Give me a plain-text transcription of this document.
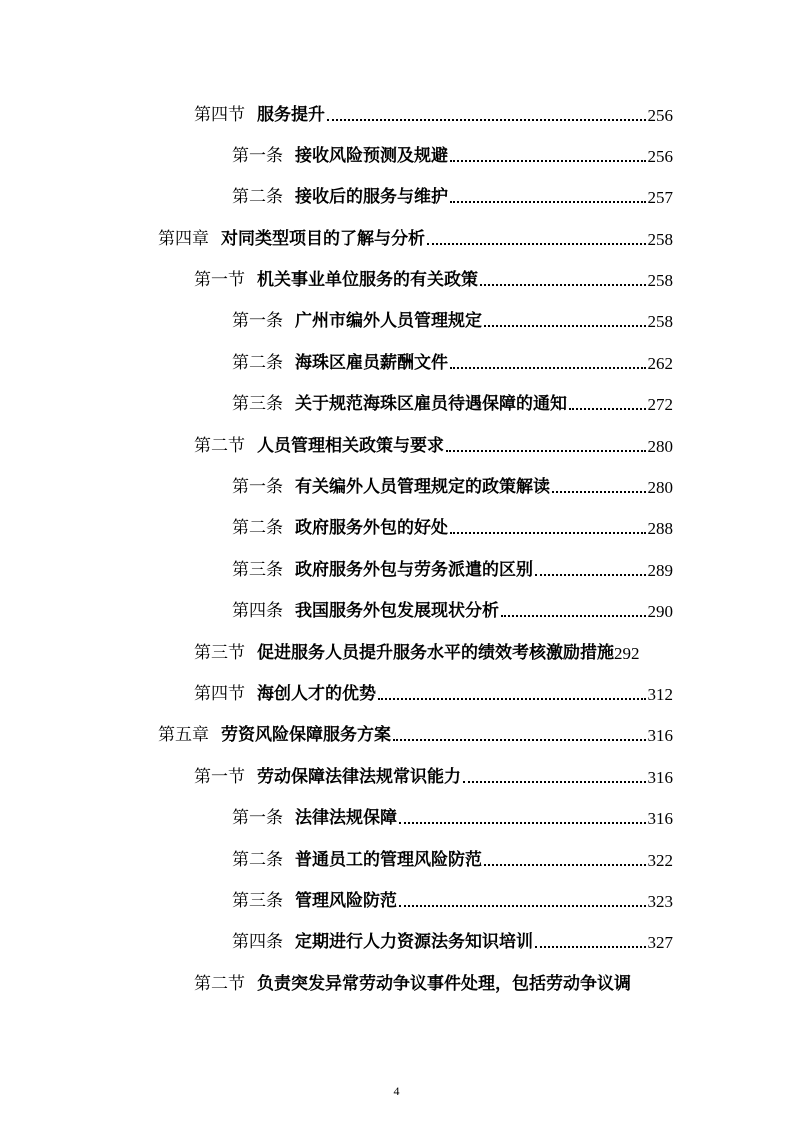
第四节 服务提升	256
第一条 接收风险预测及规避	256
第二条 接收后的服务与维护	257
第四章 对同类型项目的了解与分析	258
第一节 机关事业单位服务的有关政策	258
第一条 广州市编外人员管理规定	258
第二条 海珠区雇员薪酬文件	262
第三条 关于规范海珠区雇员待遇保障的通知	272
第二节 人员管理相关政策与要求	280
第一条 有关编外人员管理规定的政策解读	280
第二条 政府服务外包的好处	288
第三条 政府服务外包与劳务派遣的区别	289
第四条 我国服务外包发展现状分析	290
第三节 促进服务人员提升服务水平的绩效考核激励措施 292
第四节 海创人才的优势	312
第五章 劳资风险保障服务方案	316
第一节 劳动保障法律法规常识能力	316
第一条 法律法规保障	316
第二条 普通员工的管理风险防范	322
第三条 管理风险防范	323
第四条 定期进行人力资源法务知识培训	327
第二节 负责突发异常劳动争议事件处理，包括劳动争议调
4
